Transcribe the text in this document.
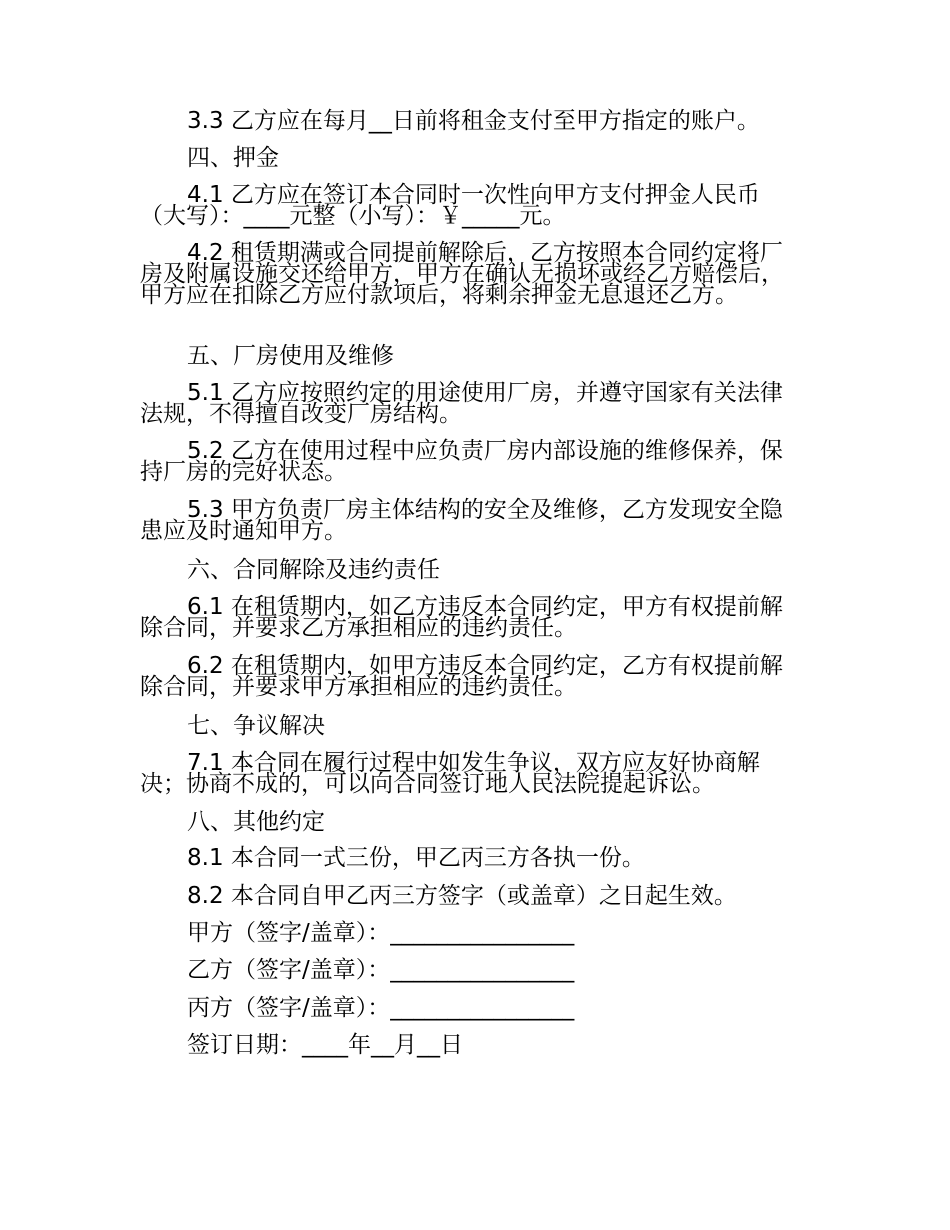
3.3 乙方应在每月__日前将租金支付至甲方指定的账户。
四、押金
4.1 乙方应在签订本合同时一次性向甲方支付押金人民币（大写）：____元整（小写）：￥_____元。
4.2 租赁期满或合同提前解除后，乙方按照本合同约定将厂房及附属设施交还给甲方，甲方在确认无损坏或经乙方赔偿后，甲方应在扣除乙方应付款项后，将剩余押金无息退还乙方。
五、厂房使用及维修
5.1 乙方应按照约定的用途使用厂房，并遵守国家有关法律法规，不得擅自改变厂房结构。
5.2 乙方在使用过程中应负责厂房内部设施的维修保养，保持厂房的完好状态。
5.3 甲方负责厂房主体结构的安全及维修，乙方发现安全隐患应及时通知甲方。
六、合同解除及违约责任
6.1 在租赁期内，如乙方违反本合同约定，甲方有权提前解除合同，并要求乙方承担相应的违约责任。
6.2 在租赁期内，如甲方违反本合同约定，乙方有权提前解除合同，并要求甲方承担相应的违约责任。
七、争议解决
7.1 本合同在履行过程中如发生争议，双方应友好协商解决；协商不成的，可以向合同签订地人民法院提起诉讼。
八、其他约定
8.1 本合同一式三份，甲乙丙三方各执一份。
8.2 本合同自甲乙丙三方签字（或盖章）之日起生效。
甲方（签字/盖章）：________________
乙方（签字/盖章）：________________
丙方（签字/盖章）：________________
签订日期：____年__月__日
